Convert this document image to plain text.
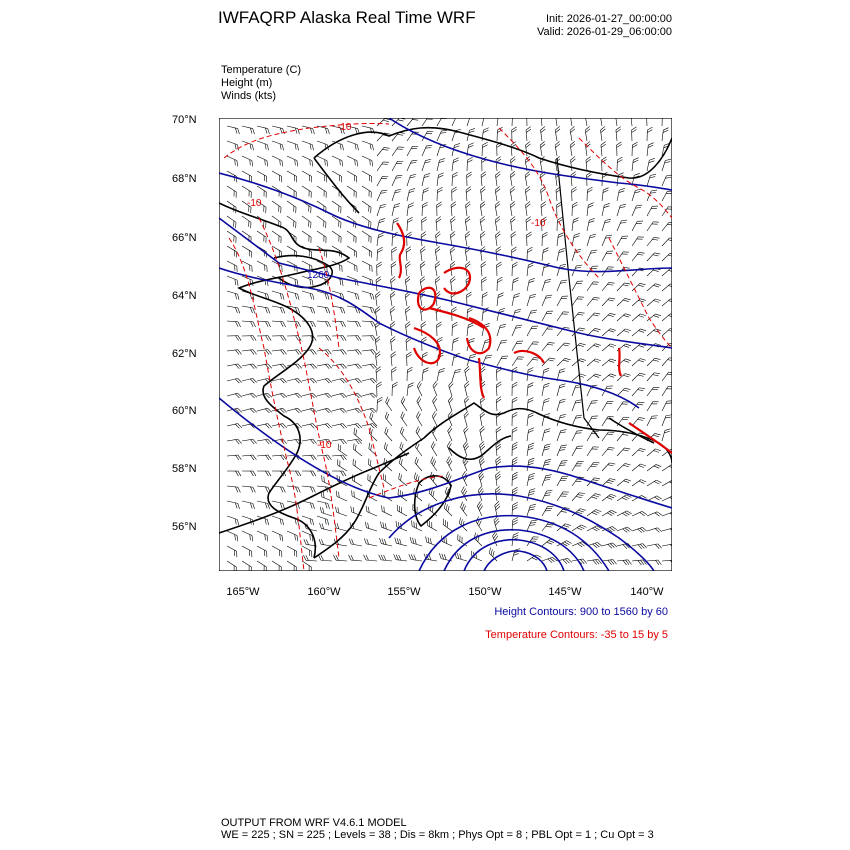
IWFAQRP Alaska Real Time WRF	Init: 2026-01-27_00:00:00
Valid: 2026-01-29_06:00:00
Temperature (C)
Height (m)
Winds (kts)
70°N
68°N
66°N
64°N
62°N
60°N
58°N
56°N
165°W	160°W	155°W	150°W	145°W	140°W
1260
-10
-10
-10
-10
Height Contours: 900 to 1560 by 60
Temperature Contours: -35 to 15 by 5
OUTPUT FROM WRF V4.6.1 MODEL
WE = 225 ; SN = 225 ; Levels = 38 ; Dis = 8km ; Phys Opt = 8 ; PBL Opt = 1 ; Cu Opt = 3
